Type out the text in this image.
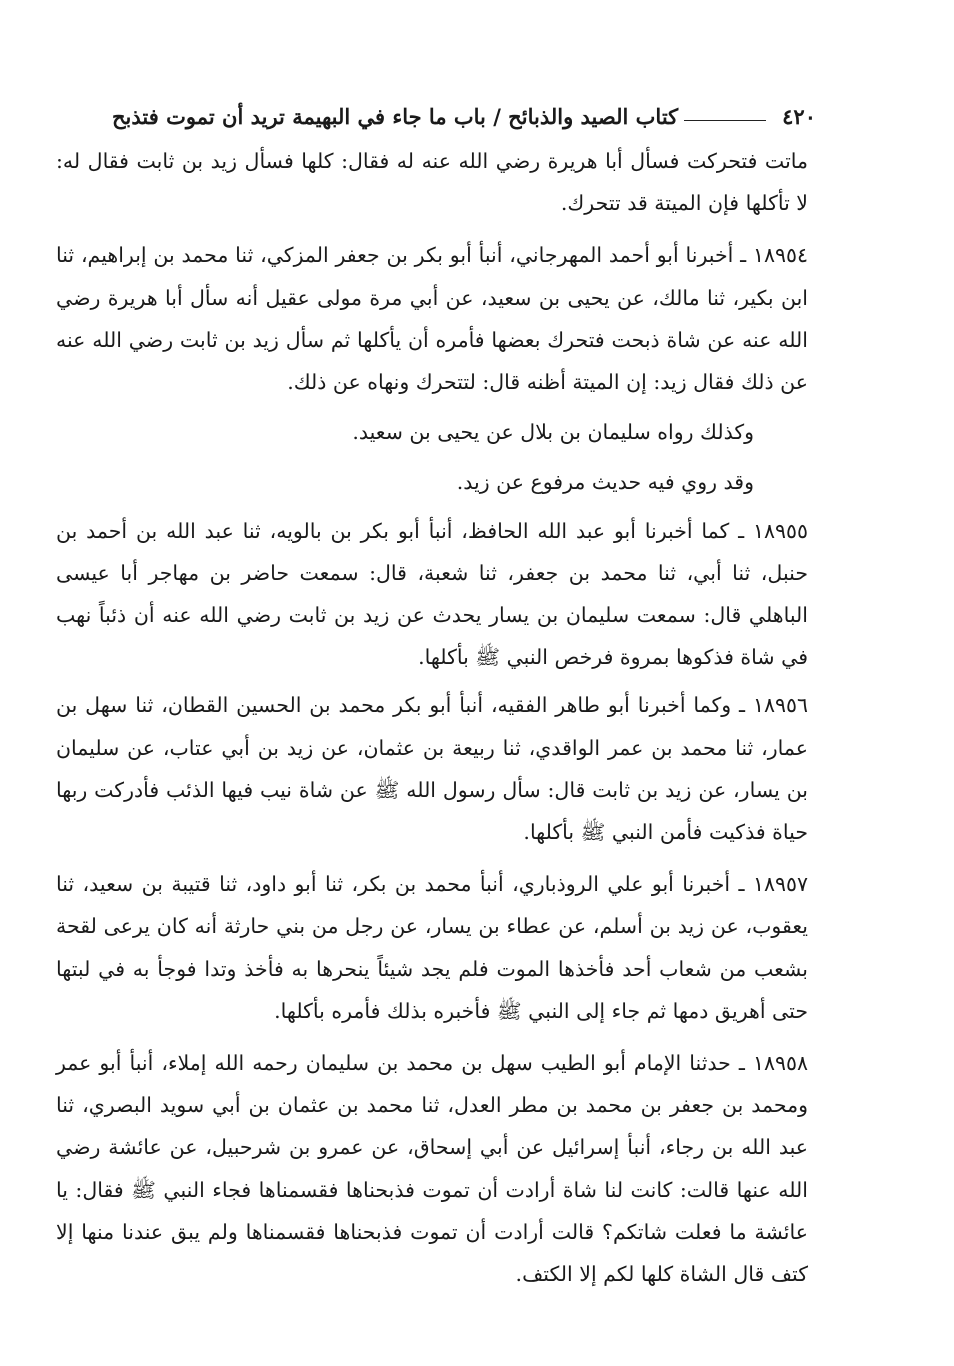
٤٢٠
كتاب الصيد والذبائح / باب ما جاء في البهيمة تريد أن تموت فتذبح

ماتت فتحركت فسأل أبا هريرة رضي الله عنه له فقال: كلها فسأل زيد بن ثابت فقال له: لا تأكلها فإن الميتة قد تتحرك.

١٨٩٥٤ ـ أخبرنا أبو أحمد المهرجاني، أنبأ أبو بكر بن جعفر المزكي، ثنا محمد بن إبراهيم، ثنا ابن بكير، ثنا مالك، عن يحيى بن سعيد، عن أبي مرة مولى عقيل أنه سأل أبا هريرة رضي الله عنه عن شاة ذبحت فتحرك بعضها فأمره أن يأكلها ثم سأل زيد بن ثابت رضي الله عنه عن ذلك فقال زيد: إن الميتة أظنه قال: لتتحرك ونهاه عن ذلك.

وكذلك رواه سليمان بن بلال عن يحيى بن سعيد.

وقد روي فيه حديث مرفوع عن زيد.

١٨٩٥٥ ـ كما أخبرنا أبو عبد الله الحافظ، أنبأ أبو بكر بن بالويه، ثنا عبد الله بن أحمد بن حنبل، ثنا أبي، ثنا محمد بن جعفر، ثنا شعبة، قال: سمعت حاضر بن مهاجر أبا عيسى الباهلي قال: سمعت سليمان بن يسار يحدث عن زيد بن ثابت رضي الله عنه أن ذئباً نهب في شاة فذكوها بمروة فرخص النبي ﷺ بأكلها.

١٨٩٥٦ ـ وكما أخبرنا أبو طاهر الفقيه، أنبأ أبو بكر محمد بن الحسين القطان، ثنا سهل بن عمار، ثنا محمد بن عمر الواقدي، ثنا ربيعة بن عثمان، عن زيد بن أبي عتاب، عن سليمان بن يسار، عن زيد بن ثابت قال: سأل رسول الله ﷺ عن شاة نيب فيها الذئب فأدركت ربها حياة فذكيت فأمن النبي ﷺ بأكلها.

١٨٩٥٧ ـ أخبرنا أبو علي الروذباري، أنبأ محمد بن بكر، ثنا أبو داود، ثنا قتيبة بن سعيد، ثنا يعقوب، عن زيد بن أسلم، عن عطاء بن يسار، عن رجل من بني حارثة أنه كان يرعى لقحة بشعب من شعاب أحد فأخذها الموت فلم يجد شيئاً ينحرها به فأخذ وتدا فوجأ به في لبتها حتى أهريق دمها ثم جاء إلى النبي ﷺ فأخبره بذلك فأمره بأكلها.

١٨٩٥٨ ـ حدثنا الإمام أبو الطيب سهل بن محمد بن سليمان رحمه الله إملاء، أنبأ أبو عمر ومحمد بن جعفر بن محمد بن مطر العدل، ثنا محمد بن عثمان بن أبي سويد البصري، ثنا عبد الله بن رجاء، أنبأ إسرائيل عن أبي إسحاق، عن عمرو بن شرحبيل، عن عائشة رضي الله عنها قالت: كانت لنا شاة أرادت أن تموت فذبحناها فقسمناها فجاء النبي ﷺ فقال: يا عائشة ما فعلت شاتكم؟ قالت أرادت أن تموت فذبحناها فقسمناها ولم يبق عندنا منها إلا كتف قال الشاة كلها لكم إلا الكتف.
